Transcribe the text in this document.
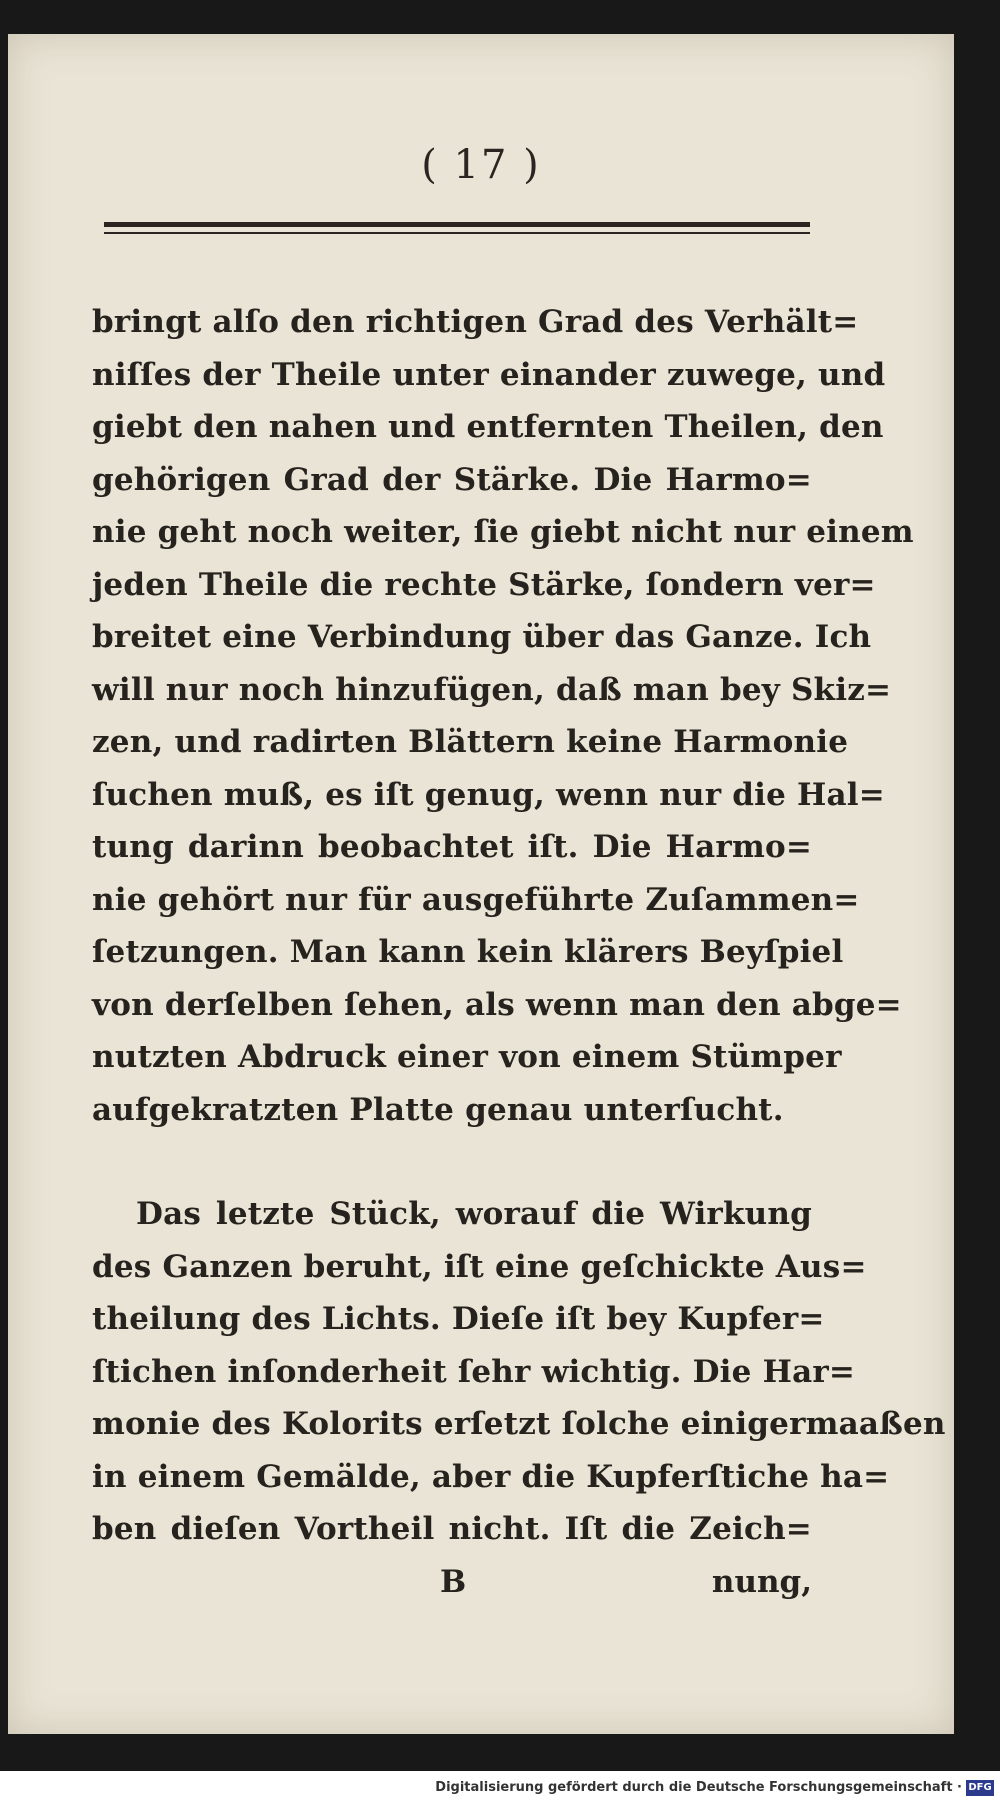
( 17 )
bringt alſo den richtigen Grad des Verhält=
niſſes der Theile unter einander zuwege, und
giebt den nahen und entfernten Theilen, den
gehörigen Grad der Stärke. Die Harmo=
nie geht noch weiter, ſie giebt nicht nur einem
jeden Theile die rechte Stärke, ſondern ver=
breitet eine Verbindung über das Ganze. Ich
will nur noch hinzufügen, daß man bey Skiz=
zen, und radirten Blättern keine Harmonie
ſuchen muß, es iſt genug, wenn nur die Hal=
tung darinn beobachtet iſt. Die Harmo=
nie gehört nur für ausgeführte Zuſammen=
ſetzungen. Man kann kein klärers Beyſpiel
von derſelben ſehen, als wenn man den abge=
nutzten Abdruck einer von einem Stümper
aufgekratzten Platte genau unterſucht.
Das letzte Stück, worauf die Wirkung
des Ganzen beruht, iſt eine geſchickte Aus=
theilung des Lichts. Dieſe iſt bey Kupfer=
ſtichen inſonderheit ſehr wichtig. Die Har=
monie des Kolorits erſetzt ſolche einigermaaßen
in einem Gemälde, aber die Kupferſtiche ha=
ben dieſen Vortheil nicht. Iſt die Zeich=
B	nung,
Digitalisierung gefördert durch die Deutsche Forschungsgemeinschaft · DFG
